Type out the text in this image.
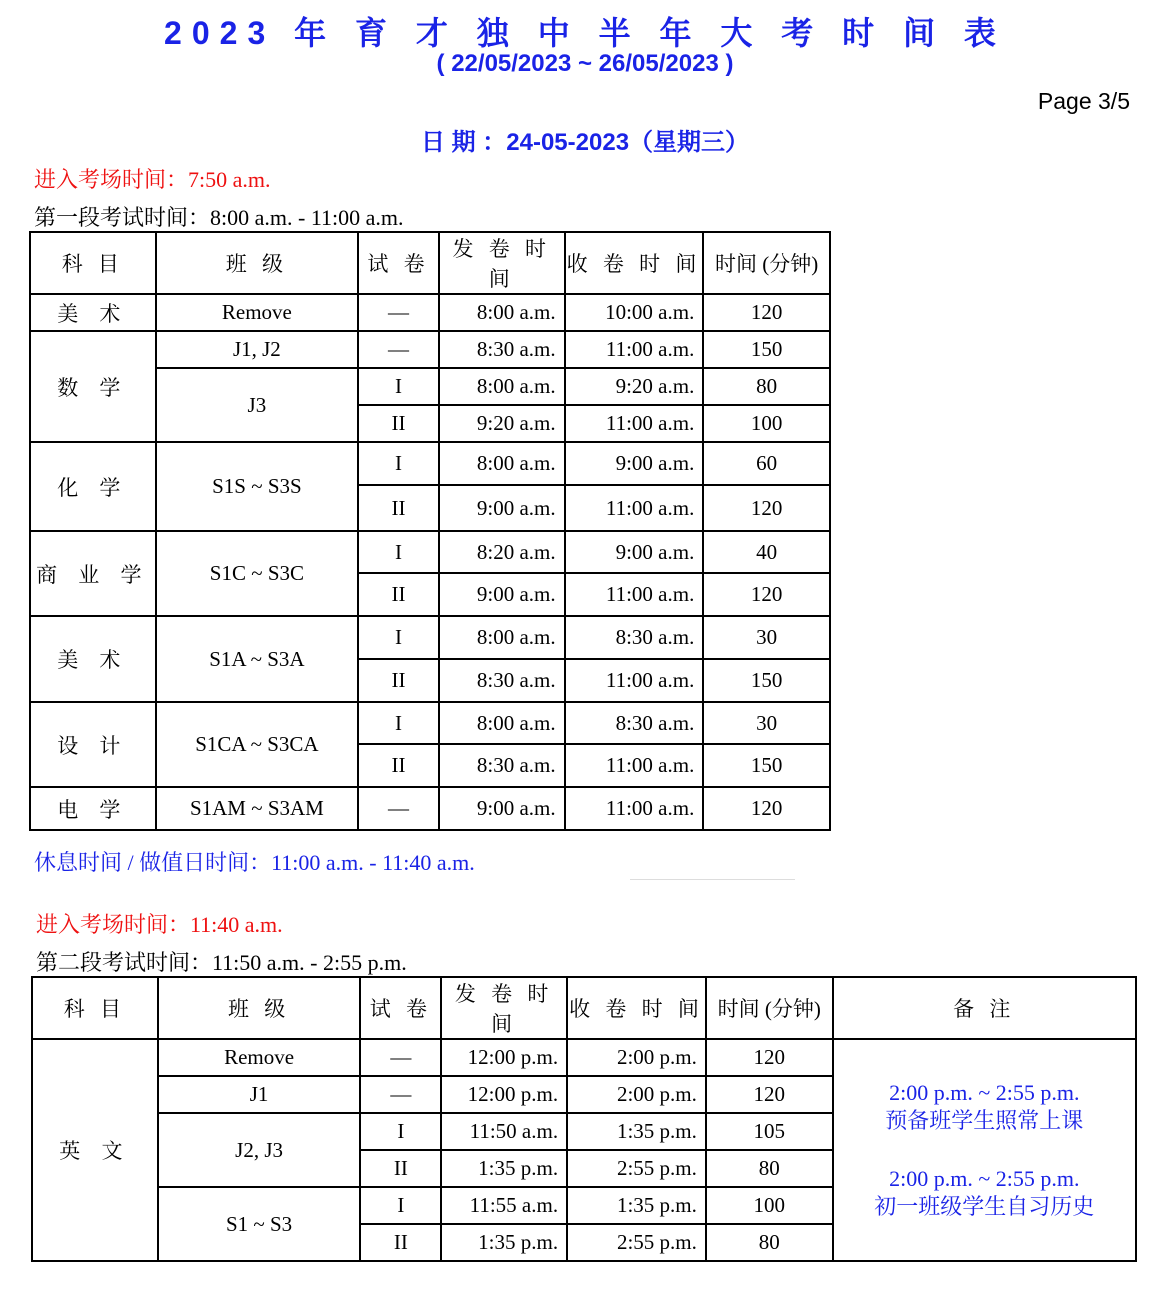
2023 年 育 才 独 中 半 年 大 考 时 间 表
( 22/05/2023 ~ 26/05/2023 )
Page 3/5
日 期 ：24-05-2023（星期三）
进入考场时间：7:50 a.m.
第一段考试时间：8:00 a.m. - 11:00 a.m.
科 目	班 级	试 卷	发 卷 时 间	收 卷 时 间	时间 (分钟)
美 术	Remove	—	8:00 a.m.	10:00 a.m.	120
数 学	J1, J2	—	8:30 a.m.	11:00 a.m.	150
	J3	I	8:00 a.m.	9:20 a.m.	80
		II	9:20 a.m.	11:00 a.m.	100
化 学	S1S ~ S3S	I	8:00 a.m.	9:00 a.m.	60
		II	9:00 a.m.	11:00 a.m.	120
商 业 学	S1C ~ S3C	I	8:20 a.m.	9:00 a.m.	40
		II	9:00 a.m.	11:00 a.m.	120
美 术	S1A ~ S3A	I	8:00 a.m.	8:30 a.m.	30
		II	8:30 a.m.	11:00 a.m.	150
设 计	S1CA ~ S3CA	I	8:00 a.m.	8:30 a.m.	30
		II	8:30 a.m.	11:00 a.m.	150
电 学	S1AM ~ S3AM	—	9:00 a.m.	11:00 a.m.	120
休息时间 / 做值日时间：11:00 a.m. - 11:40 a.m.
进入考场时间：11:40 a.m.
第二段考试时间：11:50 a.m. - 2:55 p.m.
科 目	班 级	试 卷	发 卷 时 间	收 卷 时 间	时间 (分钟)	备 注
英 文	Remove	—	12:00 p.m.	2:00 p.m.	120	2:00 p.m. ~ 2:55 p.m.
预备班学生照常上课
2:00 p.m. ~ 2:55 p.m.
初一班级学生自习历史

	J1	—	12:00 p.m.	2:00 p.m.	120	
	J2, J3	I	11:50 a.m.	1:35 p.m.	105	
		II	1:35 p.m.	2:55 p.m.	80	
	S1 ~ S3	I	11:55 a.m.	1:35 p.m.	100	
		II	1:35 p.m.	2:55 p.m.	80	
